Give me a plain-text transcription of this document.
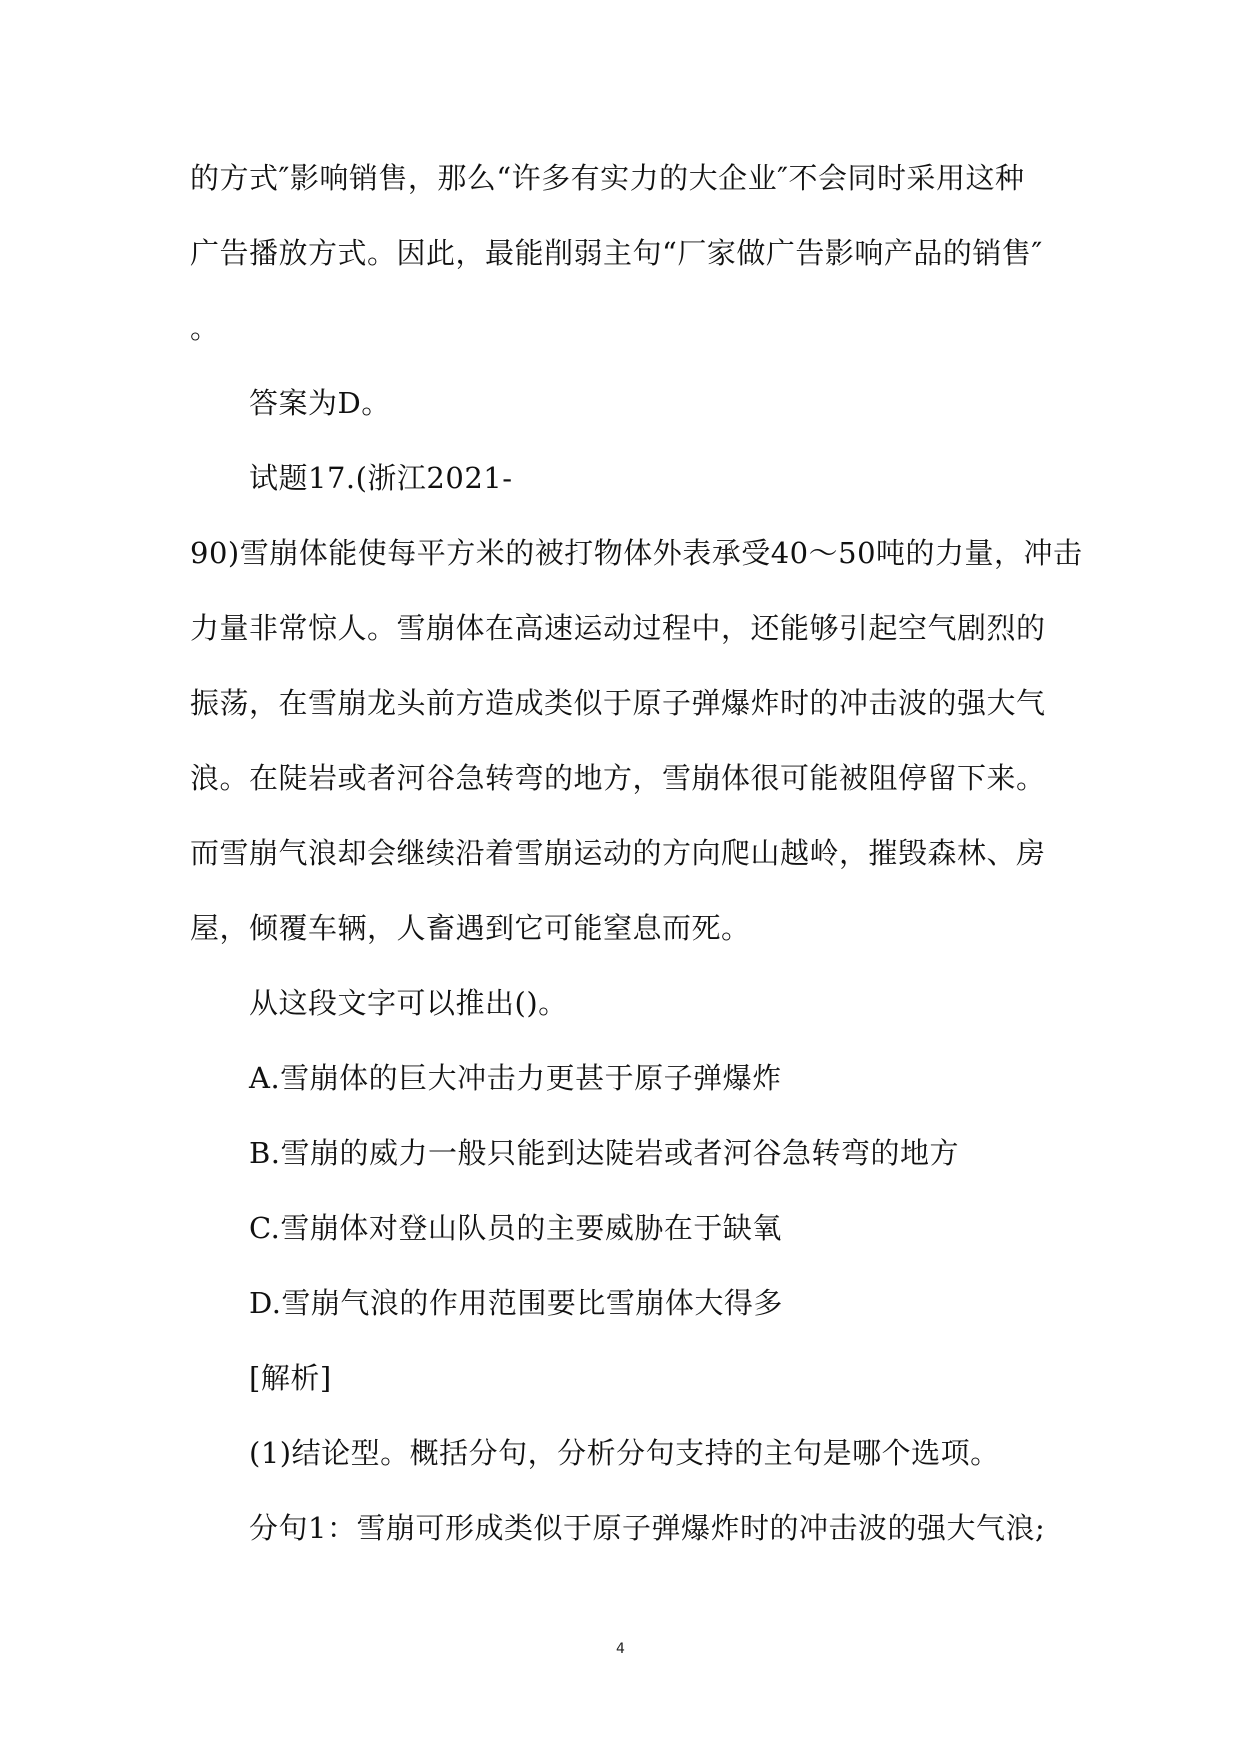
的方式″影响销售，那么“许多有实力的大企业″不会同时采用这种
广告播放方式。因此，最能削弱主句“厂家做广告影响产品的销售″
。
答案为D。
试题17.(浙江2021-
90)雪崩体能使每平方米的被打物体外表承受40～50吨的力量，冲击
力量非常惊人。雪崩体在高速运动过程中，还能够引起空气剧烈的
振荡，在雪崩龙头前方造成类似于原子弹爆炸时的冲击波的强大气
浪。在陡岩或者河谷急转弯的地方，雪崩体很可能被阻停留下来。
而雪崩气浪却会继续沿着雪崩运动的方向爬山越岭，摧毁森林、房
屋，倾覆车辆，人畜遇到它可能窒息而死。
从这段文字可以推出()。
A.雪崩体的巨大冲击力更甚于原子弹爆炸
B.雪崩的威力一般只能到达陡岩或者河谷急转弯的地方
C.雪崩体对登山队员的主要威胁在于缺氧
D.雪崩气浪的作用范围要比雪崩体大得多
[解析]
(1)结论型。概括分句，分析分句支持的主句是哪个选项。
分句1：雪崩可形成类似于原子弹爆炸时的冲击波的强大气浪;
4
